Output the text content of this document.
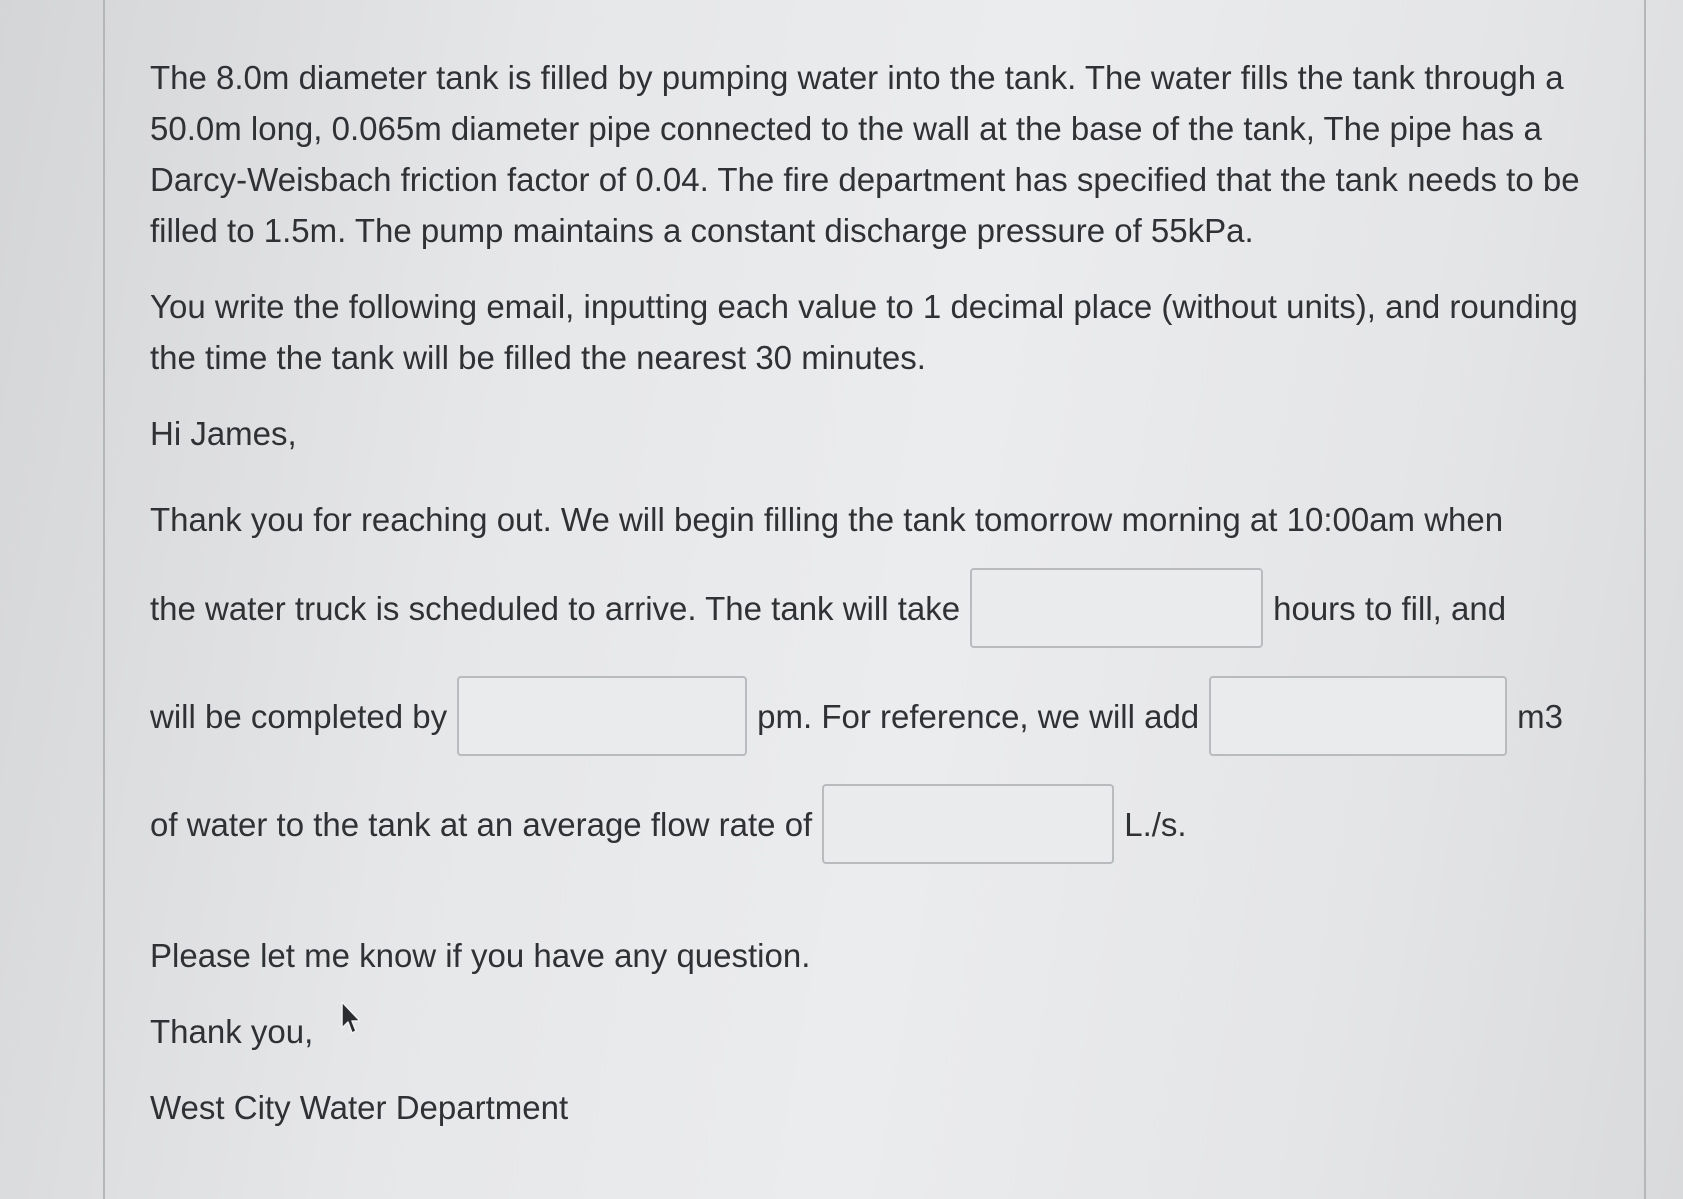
The 8.0m diameter tank is filled by pumping water into the tank. The water fills the tank through a 50.0m long, 0.065m diameter pipe connected to the wall at the base of the tank, The pipe has a Darcy-Weisbach friction factor of 0.04. The fire department has specified that the tank needs to be filled to 1.5m. The pump maintains a constant discharge pressure of 55kPa.

You write the following email, inputting each value to 1 decimal place (without units), and rounding the time the tank will be filled the nearest 30 minutes.

Hi James,

Thank you for reaching out. We will begin filling the tank tomorrow morning at 10:00am when
the water truck is scheduled to arrive. The tank will take	hours to fill, and
will be completed by	pm. For reference, we will add	m3
of water to the tank at an average flow rate of	L./s.

Please let me know if you have any question.

Thank you,

West City Water Department
